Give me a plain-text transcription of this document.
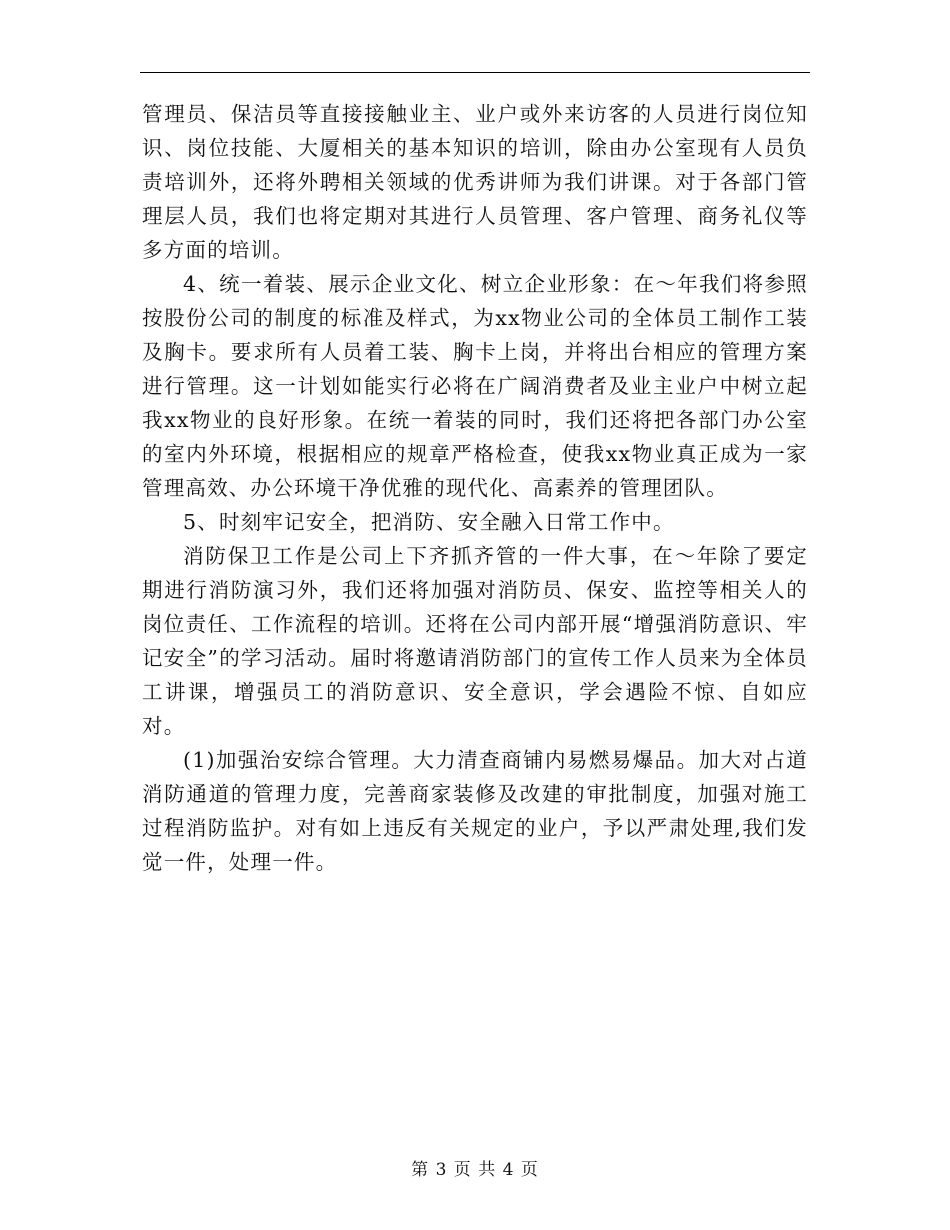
管理员、保洁员等直接接触业主、业户或外来访客的人员进行岗位知识、岗位技能、大厦相关的基本知识的培训，除由办公室现有人员负责培训外，还将外聘相关领域的优秀讲师为我们讲课。对于各部门管理层人员，我们也将定期对其进行人员管理、客户管理、商务礼仪等多方面的培训。

4、统一着装、展示企业文化、树立企业形象：在～年我们将参照按股份公司的制度的标准及样式，为xx物业公司的全体员工制作工装及胸卡。要求所有人员着工装、胸卡上岗，并将出台相应的管理方案进行管理。这一计划如能实行必将在广阔消费者及业主业户中树立起我xx物业的良好形象。在统一着装的同时，我们还将把各部门办公室的室内外环境，根据相应的规章严格检查，使我xx物业真正成为一家管理高效、办公环境干净优雅的现代化、高素养的管理团队。

5、时刻牢记安全，把消防、安全融入日常工作中。

消防保卫工作是公司上下齐抓齐管的一件大事，在～年除了要定期进行消防演习外，我们还将加强对消防员、保安、监控等相关人的岗位责任、工作流程的培训。还将在公司内部开展“增强消防意识、牢记安全”的学习活动。届时将邀请消防部门的宣传工作人员来为全体员工讲课，增强员工的消防意识、安全意识，学会遇险不惊、自如应对。

(1)加强治安综合管理。大力清查商铺内易燃易爆品。加大对占道消防通道的管理力度，完善商家装修及改建的审批制度，加强对施工过程消防监护。对有如上违反有关规定的业户，予以严肃处理,我们发觉一件，处理一件。

第 3 页 共 4 页
